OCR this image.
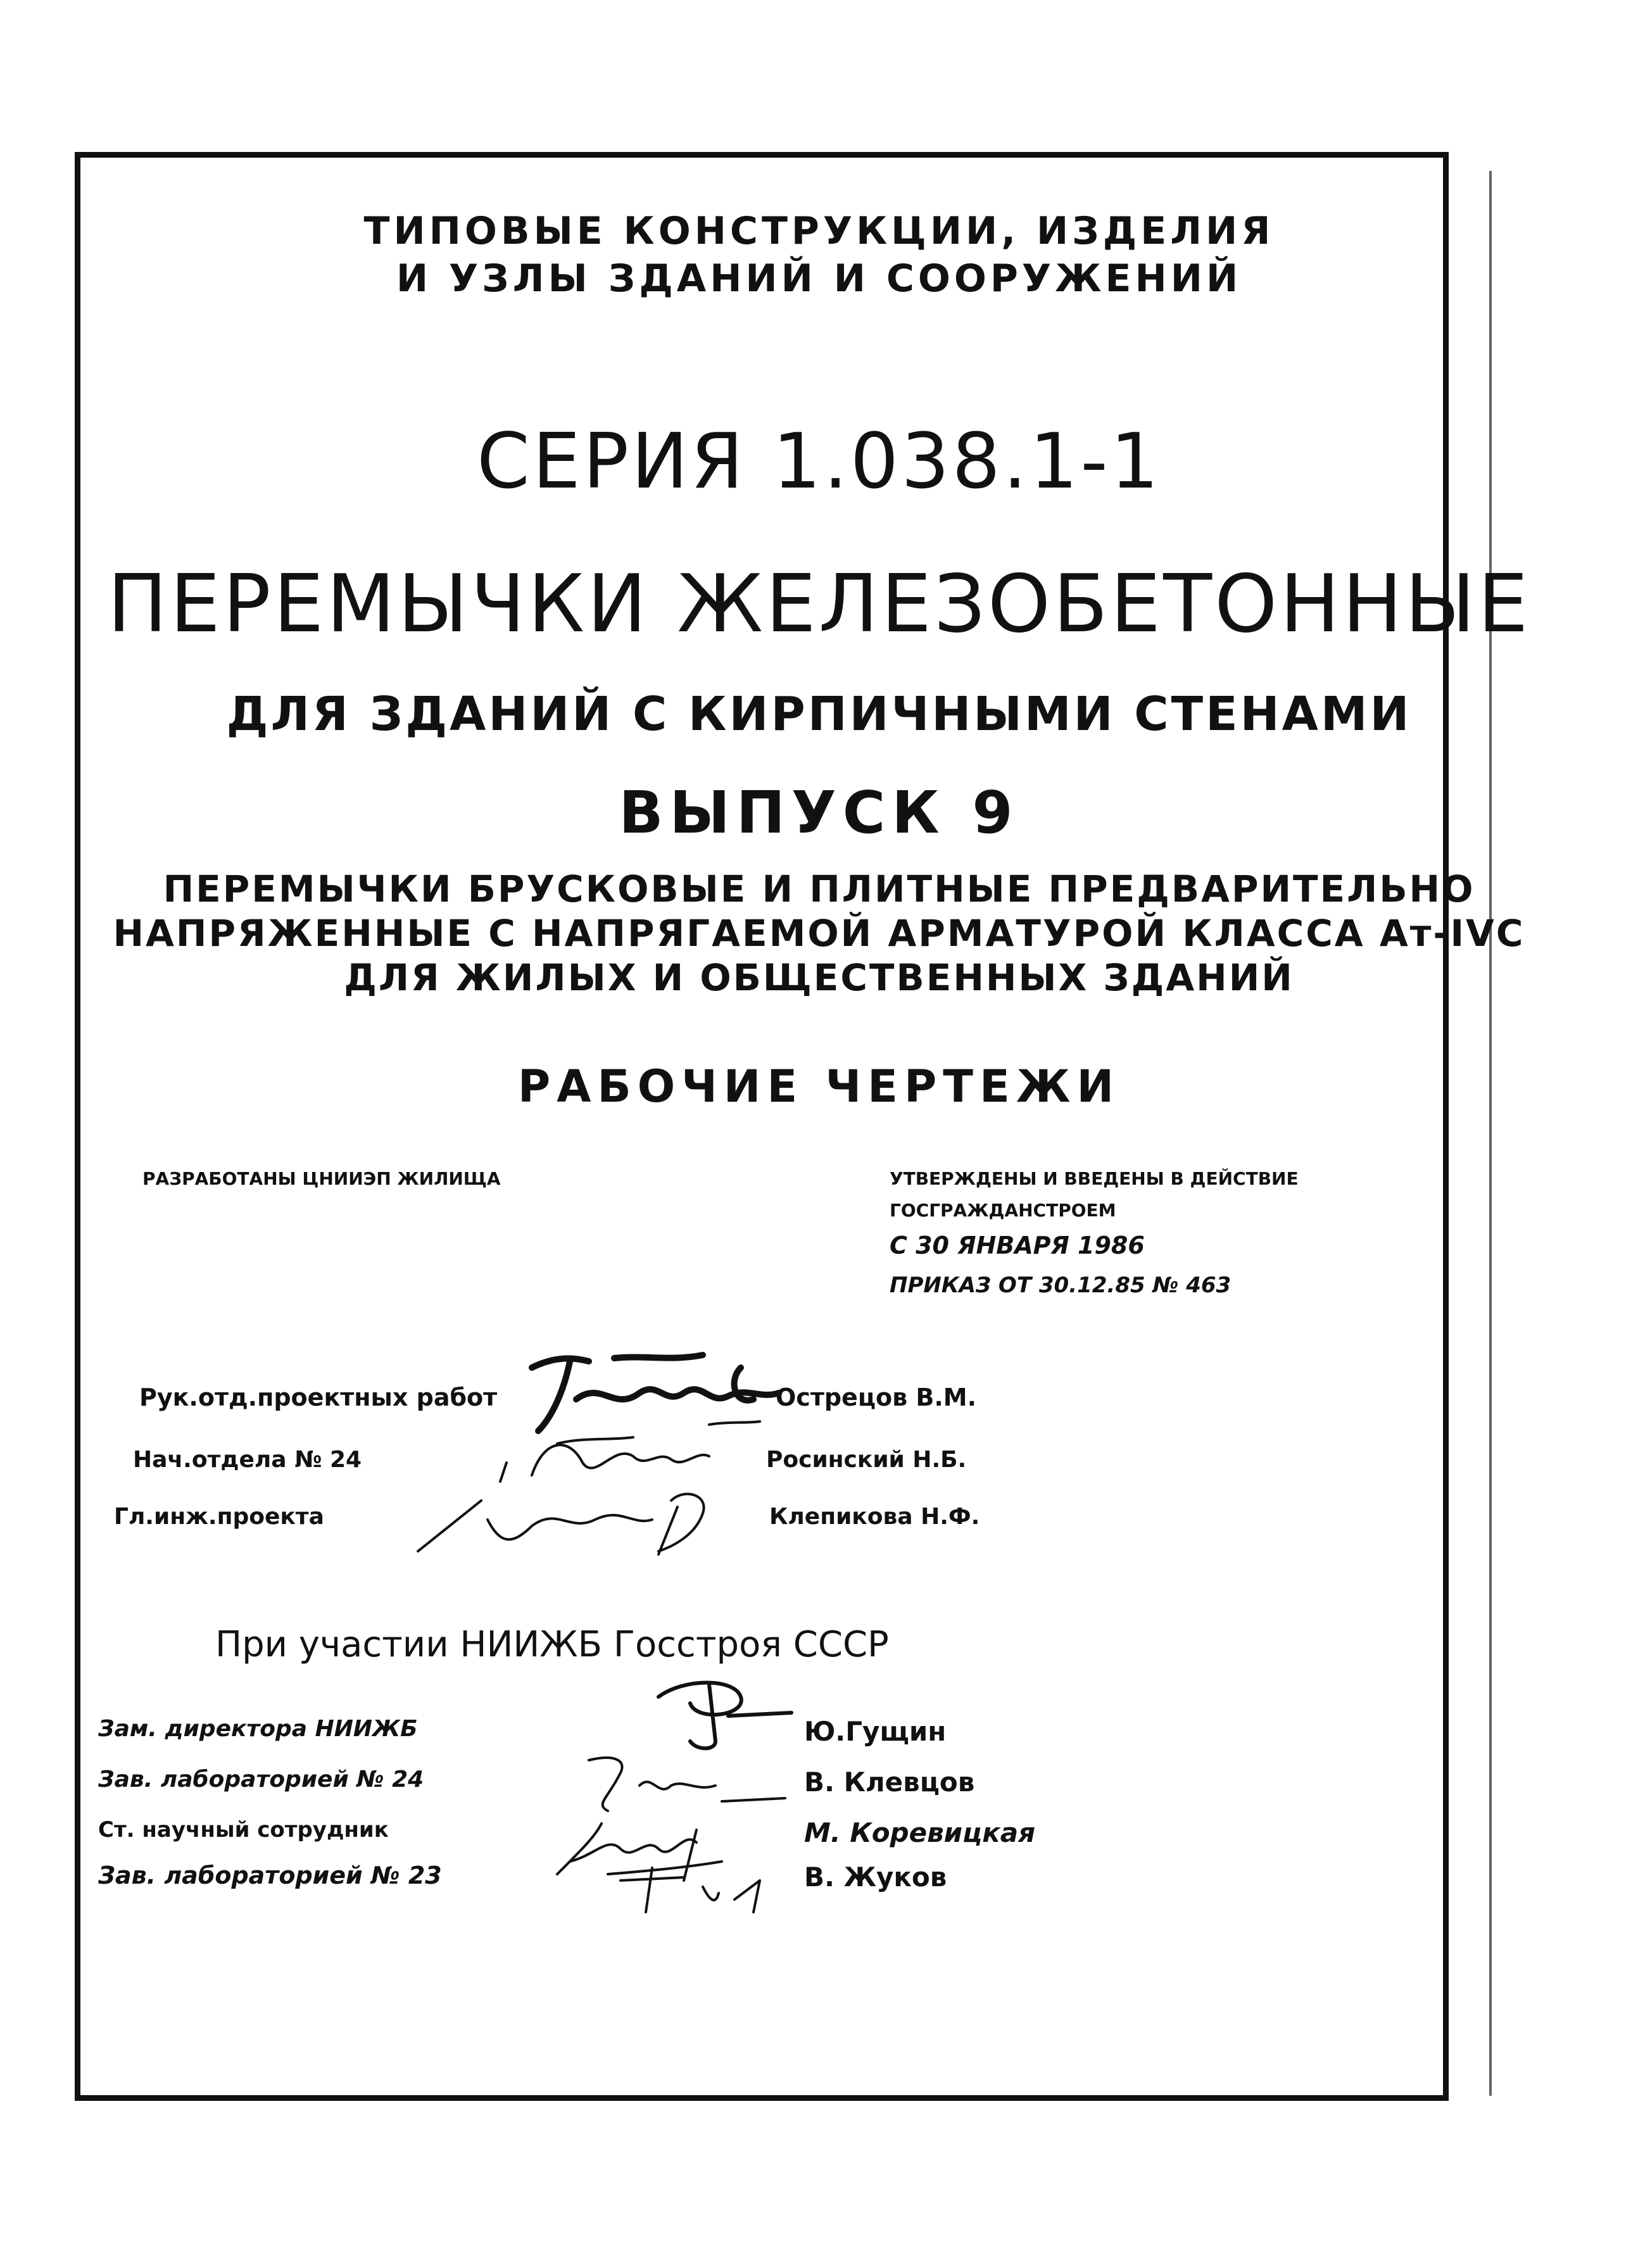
ТИПОВЫЕ КОНСТРУКЦИИ, ИЗДЕЛИЯ
И УЗЛЫ ЗДАНИЙ И СООРУЖЕНИЙ
СЕРИЯ 1.038.1-1
ПЕРЕМЫЧКИ ЖЕЛЕЗОБЕТОННЫЕ
ДЛЯ ЗДАНИЙ С КИРПИЧНЫМИ СТЕНАМИ
ВЫПУСК 9
ПЕРЕМЫЧКИ БРУСКОВЫЕ И ПЛИТНЫЕ ПРЕДВАРИТЕЛЬНО
НАПРЯЖЕННЫЕ С НАПРЯГАЕМОЙ АРМАТУРОЙ КЛАССА Ат-IVС
ДЛЯ ЖИЛЫХ И ОБЩЕСТВЕННЫХ ЗДАНИЙ
РАБОЧИЕ ЧЕРТЕЖИ
РАЗРАБОТАНЫ ЦНИИЭП ЖИЛИЩА	УТВЕРЖДЕНЫ И ВВЕДЕНЫ В ДЕЙСТВИЕ
ГОСГРАЖДАНСТРОЕМ
С 30 ЯНВАРЯ 1986
ПРИКАЗ ОТ 30.12.85 № 463
Рук.отд.проектных работ	Острецов В.М.
Нач.отдела № 24	Росинский Н.Б.
Гл.инж.проекта	Клепикова Н.Ф.
При участии НИИЖБ Госстроя СССР
Зам. директора НИИЖБ	Ю.Гущин
Зав. лабораторией № 24	В. Клевцов
Ст. научный сотрудник	М. Коревицкая
Зав. лабораторией № 23	В. Жуков
